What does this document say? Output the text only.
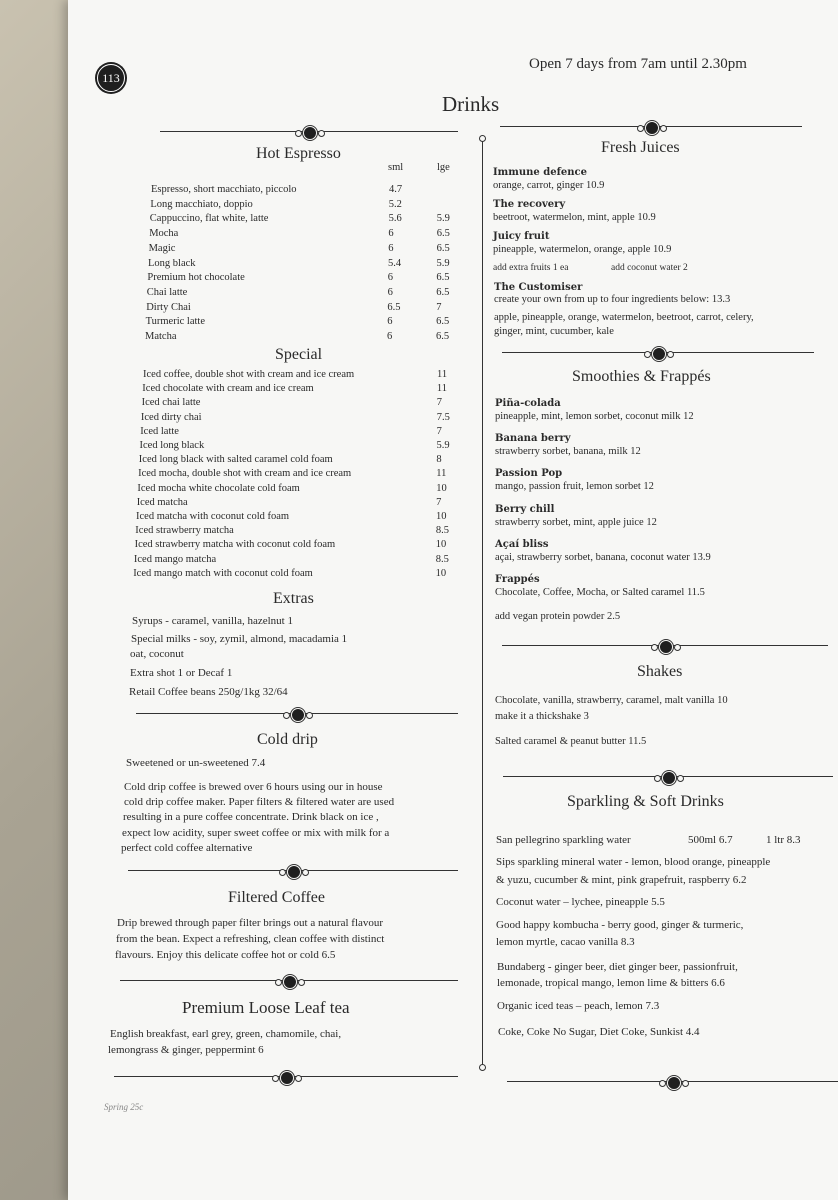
113
Open 7 days from 7am until 2.30pm
Drinks
Hot Espresso
sml	lge
Espresso, short macchiato, piccolo	4.7
Long macchiato, doppio	5.2
Cappuccino, flat white, latte	5.6	5.9
Mocha	6	6.5
Magic	6	6.5
Long black	5.4	5.9
Premium hot chocolate	6	6.5
Chai latte	6	6.5
Dirty Chai	6.5	7
Turmeric latte	6	6.5
Matcha	6	6.5
Special
Iced coffee, double shot with cream and ice cream	11
Iced chocolate with cream and ice cream	11
Iced chai latte	7
Iced dirty chai	7.5
Iced latte	7
Iced long black	5.9
Iced long black with salted caramel cold foam	8
Iced mocha, double shot with cream and ice cream	11
Iced mocha white chocolate cold foam	10
Iced matcha	7
Iced matcha with coconut cold foam	10
Iced strawberry matcha	8.5
Iced strawberry matcha with coconut cold foam	10
Iced mango matcha	8.5
Iced mango match with coconut cold foam	10
Extras
Syrups - caramel, vanilla, hazelnut 1
Special milks - soy, zymil, almond, macadamia 1
oat, coconut
Extra shot 1 or Decaf 1
Retail Coffee beans 250g/1kg 32/64
Cold drip
Sweetened or un-sweetened 7.4
Cold drip coffee is brewed over 6 hours using our in house
cold drip coffee maker. Paper filters & filtered water are used
resulting in a pure coffee concentrate. Drink black on ice ,
expect low acidity, super sweet coffee or mix with milk for a
perfect cold coffee alternative
Filtered Coffee
Drip brewed through paper filter brings out a natural flavour
from the bean. Expect a refreshing, clean coffee with distinct
flavours. Enjoy this delicate coffee hot or cold 6.5
Premium Loose Leaf tea
English breakfast, earl grey, green, chamomile, chai,
lemongrass & ginger, peppermint 6
Spring 25c
Fresh Juices
Immune defence
orange, carrot, ginger 10.9
The recovery
beetroot, watermelon, mint, apple 10.9
Juicy fruit
pineapple, watermelon, orange, apple 10.9
add extra fruits 1 ea	add coconut water 2
The Customiser
create your own from up to four ingredients below: 13.3
apple, pineapple, orange, watermelon, beetroot, carrot, celery,
ginger, mint, cucumber, kale
Smoothies & Frappés
Piña-colada
pineapple, mint, lemon sorbet, coconut milk 12
Banana berry
strawberry sorbet, banana, milk 12
Passion Pop
mango, passion fruit, lemon sorbet 12
Berry chill
strawberry sorbet, mint, apple juice 12
Açaí bliss
açai, strawberry sorbet, banana, coconut water 13.9
Frappés
Chocolate, Coffee, Mocha, or Salted caramel 11.5
add vegan protein powder 2.5
Shakes
Chocolate, vanilla, strawberry, caramel, malt vanilla 10
make it a thickshake 3
Salted caramel & peanut butter 11.5
Sparkling & Soft Drinks
San pellegrino sparkling water	500ml 6.7	1 ltr 8.3
Sips sparkling mineral water - lemon, blood orange, pineapple
& yuzu, cucumber & mint, pink grapefruit, raspberry 6.2
Coconut water – lychee, pineapple 5.5
Good happy kombucha - berry good, ginger & turmeric,
lemon myrtle, cacao vanilla 8.3
Bundaberg - ginger beer, diet ginger beer, passionfruit,
lemonade, tropical mango, lemon lime & bitters 6.6
Organic iced teas – peach, lemon 7.3
Coke, Coke No Sugar, Diet Coke, Sunkist 4.4
